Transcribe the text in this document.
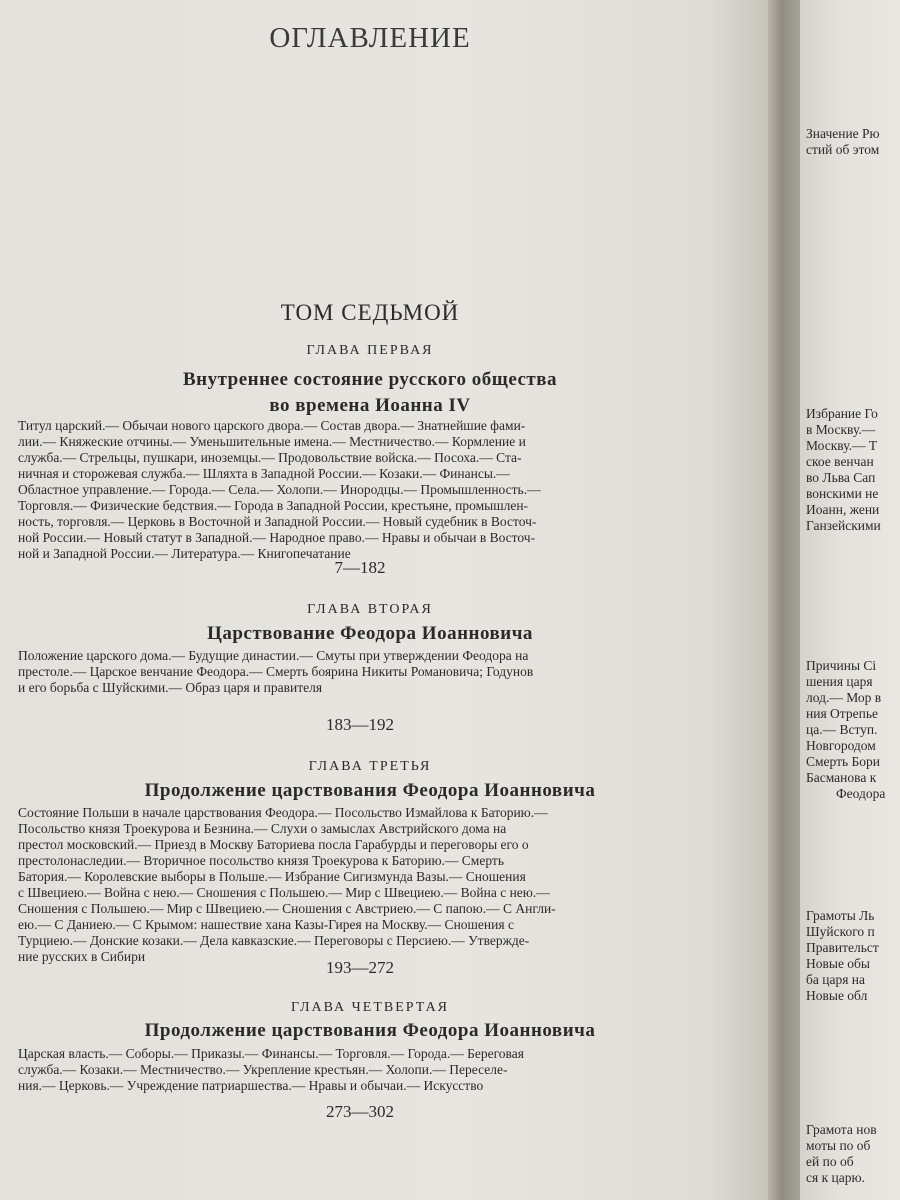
ОГЛАВЛЕНИЕ
ТОМ СЕДЬМОЙ
ГЛАВА ПЕРВАЯ
Внутреннее состояние русского общества
во времена Иоанна IV
Титул царский.— Обычаи нового царского двора.— Состав двора.— Знатнейшие фами-
лии.— Княжеские отчины.— Уменьшительные имена.— Местничество.— Кормление и
служба.— Стрельцы, пушкари, иноземцы.— Продовольствие войска.— Посоха.— Ста-
ничная и сторожевая служба.— Шляхта в Западной России.— Козаки.— Финансы.—
Областное управление.— Города.— Села.— Холопи.— Инородцы.— Промышленность.—
Торговля.— Физические бедствия.— Города в Западной России, крестьяне, промышлен-
ность, торговля.— Церковь в Восточной и Западной России.— Новый судебник в Восточ-
ной России.— Новый статут в Западной.— Народное право.— Нравы и обычаи в Восточ-
ной и Западной России.— Литература.— Книгопечатание
7—182
ГЛАВА ВТОРАЯ
Царствование Феодора Иоанновича
Положение царского дома.— Будущие династии.— Смуты при утверждении Феодора на
престоле.— Царское венчание Феодора.— Смерть боярина Никиты Романовича; Годунов
и его борьба с Шуйскими.— Образ царя и правителя
183—192
ГЛАВА ТРЕТЬЯ
Продолжение царствования Феодора Иоанновича
Состояние Польши в начале царствования Феодора.— Посольство Измайлова к Баторию.—
Посольство князя Троекурова и Безнина.— Слухи о замыслах Австрийского дома на
престол московский.— Приезд в Москву Баториева посла Гарабурды и переговоры его о
престолонаследии.— Вторичное посольство князя Троекурова к Баторию.— Смерть
Батория.— Королевские выборы в Польше.— Избрание Сигизмунда Вазы.— Сношения
с Швециею.— Война с нею.— Сношения с Польшею.— Мир с Швециею.— Война с нею.—
Сношения с Польшею.— Мир с Швециею.— Сношения с Австриею.— С папою.— С Англи-
ею.— С Даниею.— С Крымом: нашествие хана Казы-Гирея на Москву.— Сношения с
Турциею.— Донские козаки.— Дела кавказские.— Переговоры с Персиею.— Утвержде-
ние русских в Сибири
193—272
ГЛАВА ЧЕТВЕРТАЯ
Продолжение царствования Феодора Иоанновича
Царская власть.— Соборы.— Приказы.— Финансы.— Торговля.— Города.— Береговая
служба.— Козаки.— Местничество.— Укрепление крестьян.— Холопи.— Переселе-
ния.— Церковь.— Учреждение патриаршества.— Нравы и обычаи.— Искусство
273—302
Значение Рю
стий об этом
Избрание Го
в Москву.—
Москву.— Т
ское венчан
во Льва Сап
вонскими не
Иоанн, жени
Ганзейскими
Причины Сi
шения царя
лод.— Мор в
ния Отрепье
ца.— Вступ.
Новгородом
Смерть Бори
Басманова к
Феодора
Грамоты Ль
Шуйского п
Правительст
Новые обы
ба царя на
Новые обл
Грамота нов
моты по об
ей по об
ся к царю.
